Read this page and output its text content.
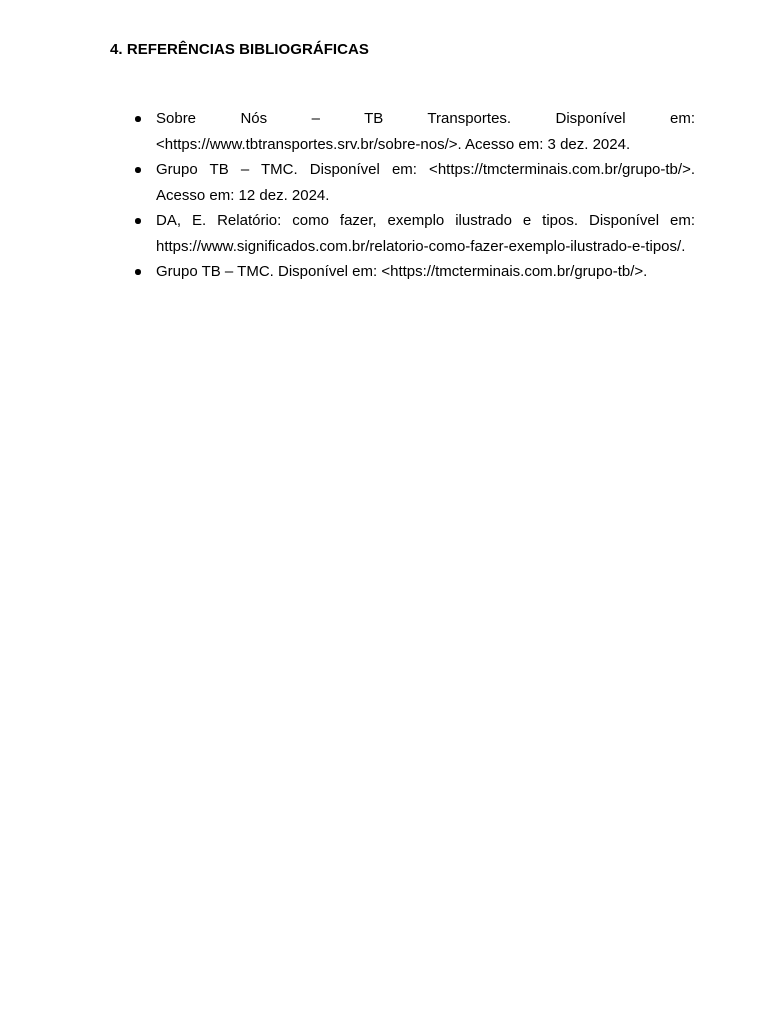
4. REFERÊNCIAS BIBLIOGRÁFICAS
Sobre Nós – TB Transportes. Disponível em: <https://www.tbtransportes.srv.br/sobre-nos/>. Acesso em: 3 dez. 2024.
Grupo TB – TMC. Disponível em: <https://tmcterminais.com.br/grupo-tb/>. Acesso em: 12 dez. 2024.
DA, E. Relatório: como fazer, exemplo ilustrado e tipos. Disponível em: https://www.significados.com.br/relatorio-como-fazer-exemplo-ilustrado-e-tipos/.
Grupo TB – TMC. Disponível em: <https://tmcterminais.com.br/grupo-tb/>.
